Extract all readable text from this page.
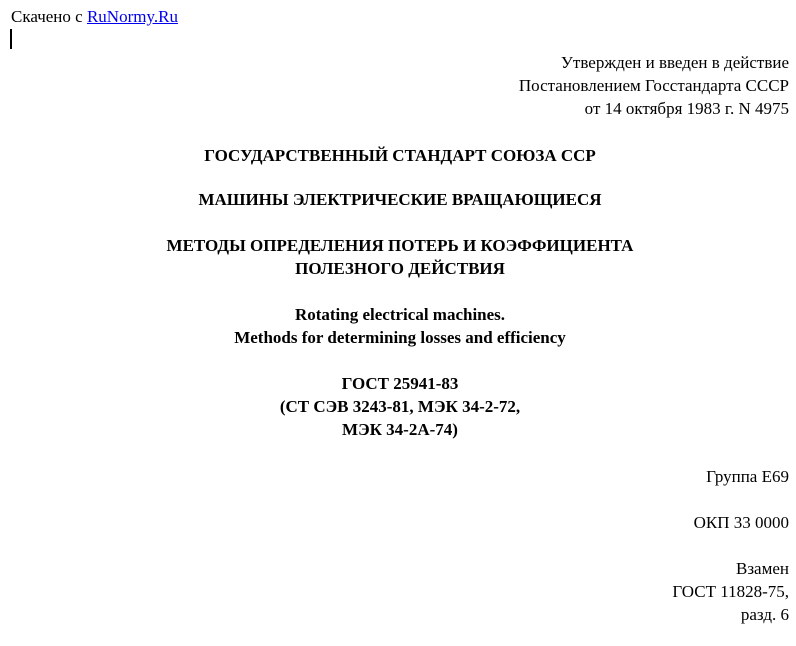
Скачено с RuNormy.Ru
Утвержден и введен в действие
Постановлением Госстандарта СССР
от 14 октября 1983 г. N 4975
ГОСУДАРСТВЕННЫЙ СТАНДАРТ СОЮЗА ССР
МАШИНЫ ЭЛЕКТРИЧЕСКИЕ ВРАЩАЮЩИЕСЯ
МЕТОДЫ ОПРЕДЕЛЕНИЯ ПОТЕРЬ И КОЭФФИЦИЕНТА
ПОЛЕЗНОГО ДЕЙСТВИЯ
Rotating electrical machines.
Methods for determining losses and efficiency
ГОСТ 25941-83
(СТ СЭВ 3243-81, МЭК 34-2-72,
МЭК 34-2А-74)
Группа Е69
ОКП 33 0000
Взамен
ГОСТ 11828-75,
разд. 6
